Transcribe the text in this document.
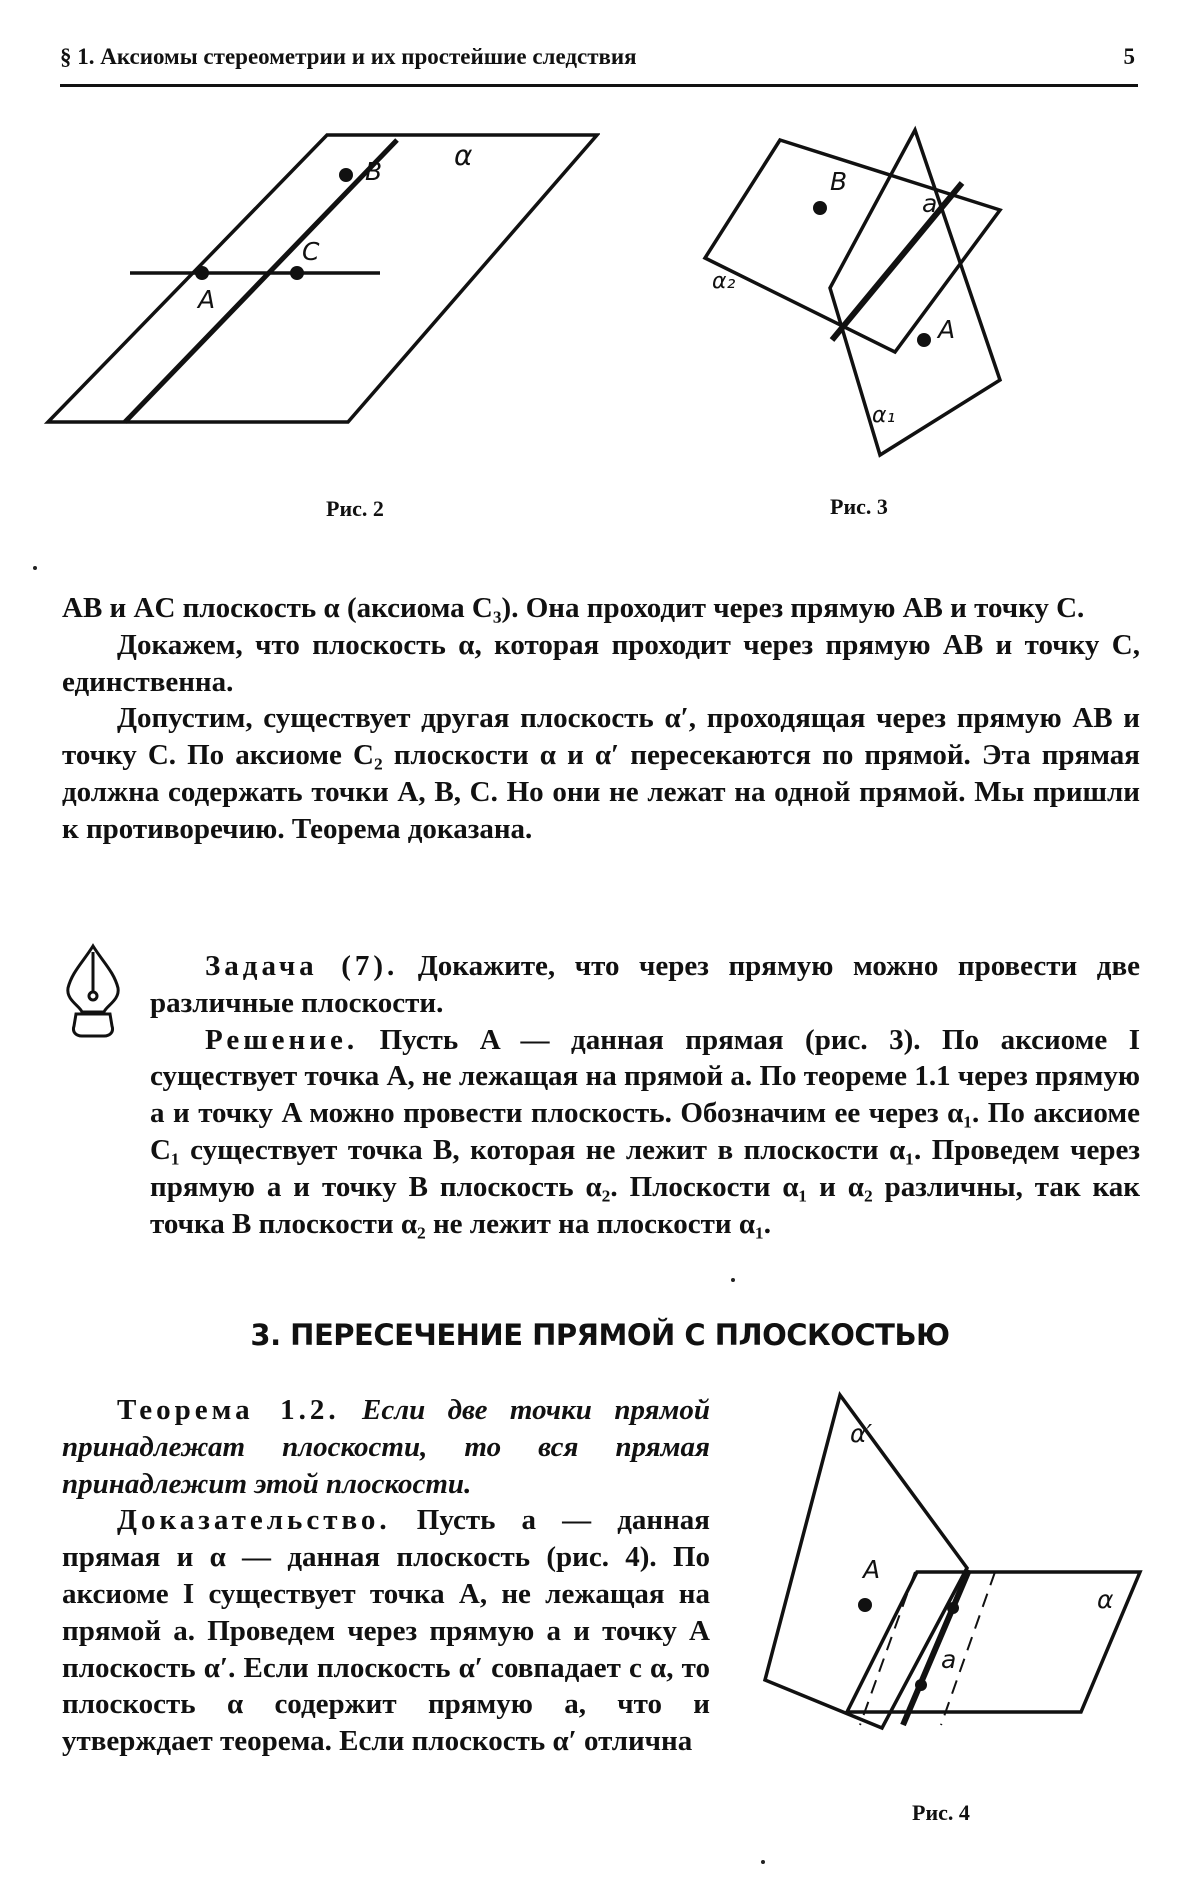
§ 1. Аксиомы стереометрии и их простейшие следствия	5
B
C
A
α
Рис. 2
B
a
A
α₂
α₁
Рис. 3

AB и AC плоскость α (аксиома C₃). Она проходит через прямую AB и точку C.

Докажем, что плоскость α, которая проходит через прямую AB и точку C, единственна.

Допустим, существует другая плоскость α′, проходящая через прямую AB и точку C. По аксиоме C₂ плоскости α и α′ пересекаются по прямой. Эта прямая должна содержать точки A, B, C. Но они не лежат на одной прямой. Мы пришли к противоречию. Теорема доказана.

Задача (7). Докажите, что через прямую можно провести две различные плоскости.

Решение. Пусть A — данная прямая (рис. 3). По аксиоме I существует точка A, не лежащая на прямой a. По теореме 1.1 через прямую a и точку A можно провести плоскость. Обозначим ее через α₁. По аксиоме C₁ существует точка B, которая не лежит в плоскости α₁. Проведем через прямую a и точку B плоскость α₂. Плоскости α₁ и α₂ различны, так как точка B плоскости α₂ не лежит на плоскости α₁.

3. ПЕРЕСЕЧЕНИЕ ПРЯМОЙ С ПЛОСКОСТЬЮ

Теорема 1.2. Если две точки прямой принадлежат плоскости, то вся прямая принадлежит этой плоскости.

Доказательство. Пусть a — данная прямая и α — данная плоскость (рис. 4). По аксиоме I существует точка A, не лежащая на прямой a. Проведем через прямую a и точку A плоскость α′. Если плоскость α′ совпадает с α, то плоскость α содержит прямую a, что и утверждает теорема. Если плоскость α′ отлична

α′
A
a
α
Рис. 4
